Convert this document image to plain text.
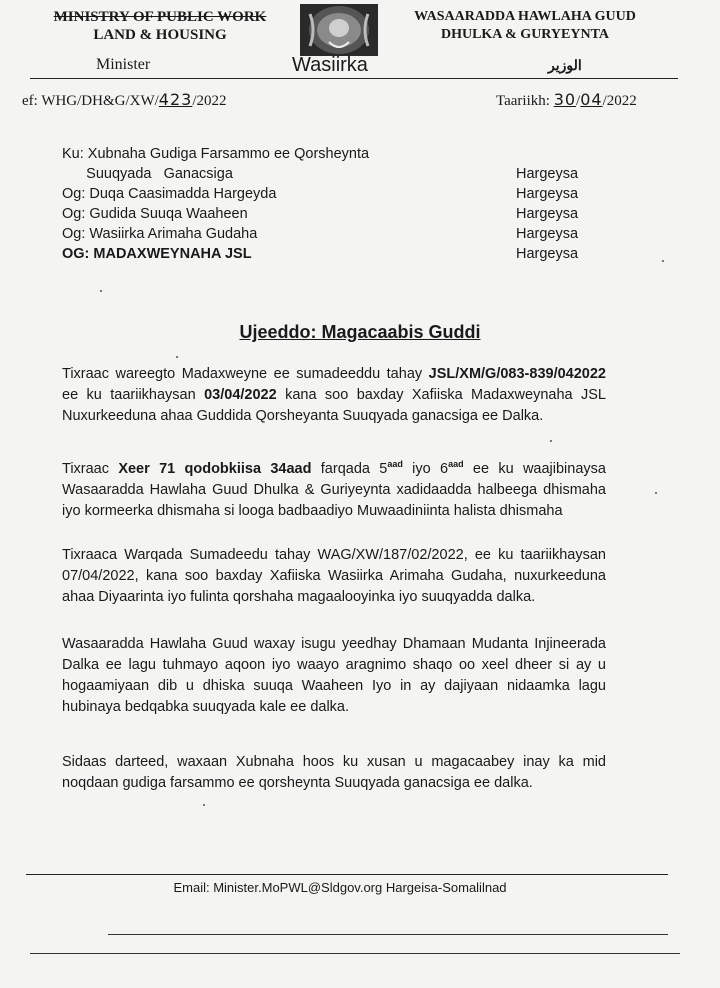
MINISTRY OF PUBLIC WORK
LAND & HOUSING
WASAARADDA HAWLAHA GUUD
DHULKA & GURYEYNTA
Minister	Wasiirka	الوزير
ef: WHG/DH&G/XW/423/2022	Taariikh: 30/04/2022
Ku: Xubnaha Gudiga Farsammo ee Qorsheynta
Suuqyada   Ganacsiga	Hargeysa
Og: Duqa Caasimadda Hargeyda	Hargeysa
Og: Gudida Suuqa Waaheen	Hargeysa
Og: Wasiirka Arimaha Gudaha	Hargeysa
OG: MADAXWEYNAHA JSL	Hargeysa
Ujeeddo: Magacaabis Guddi
Tixraac wareegto Madaxweyne ee sumadeeddu tahay JSL/XM/G/083-839/042022 ee ku taariikhaysan 03/04/2022 kana soo baxday Xafiiska Madaxweynaha JSL Nuxurkeeduna ahaa Guddida Qorsheyanta Suuqyada ganacsiga ee Dalka.
Tixraac Xeer 71 qodobkiisa 34aad farqada $5^{aad}$ iyo $6^{aad}$ ee ku waajibinaysa Wasaaradda Hawlaha Guud Dhulka & Guriyeynta xadidaadda halbeega dhismaha iyo kormeerka dhismaha si looga badbaadiyo Muwaadiniinta halista dhismaha
Tixraaca Warqada Sumadeedu tahay WAG/XW/187/02/2022, ee ku taariikhaysan 07/04/2022, kana soo baxday Xafiiska Wasiirka Arimaha Gudaha, nuxurkeeduna ahaa Diyaarinta iyo fulinta qorshaha magaalooyinka iyo suuqyadda dalka.
Wasaaradda Hawlaha Guud waxay isugu yeedhay Dhamaan Mudanta Injineerada Dalka ee lagu tuhmayo aqoon iyo waayo aragnimo shaqo oo xeel dheer si ay u hogaamiyaan dib u dhiska suuqa Waaheen Iyo in ay dajiyaan nidaamka lagu hubinaya bedqabka suuqyada kale ee dalka.
Sidaas darteed, waxaan Xubnaha hoos ku xusan u magacaabey inay ka mid noqdaan gudiga farsammo ee qorsheynta Suuqyada ganacsiga ee dalka.
Email: Minister.MoPWL@Sldgov.org Hargeisa-Somalilnad
